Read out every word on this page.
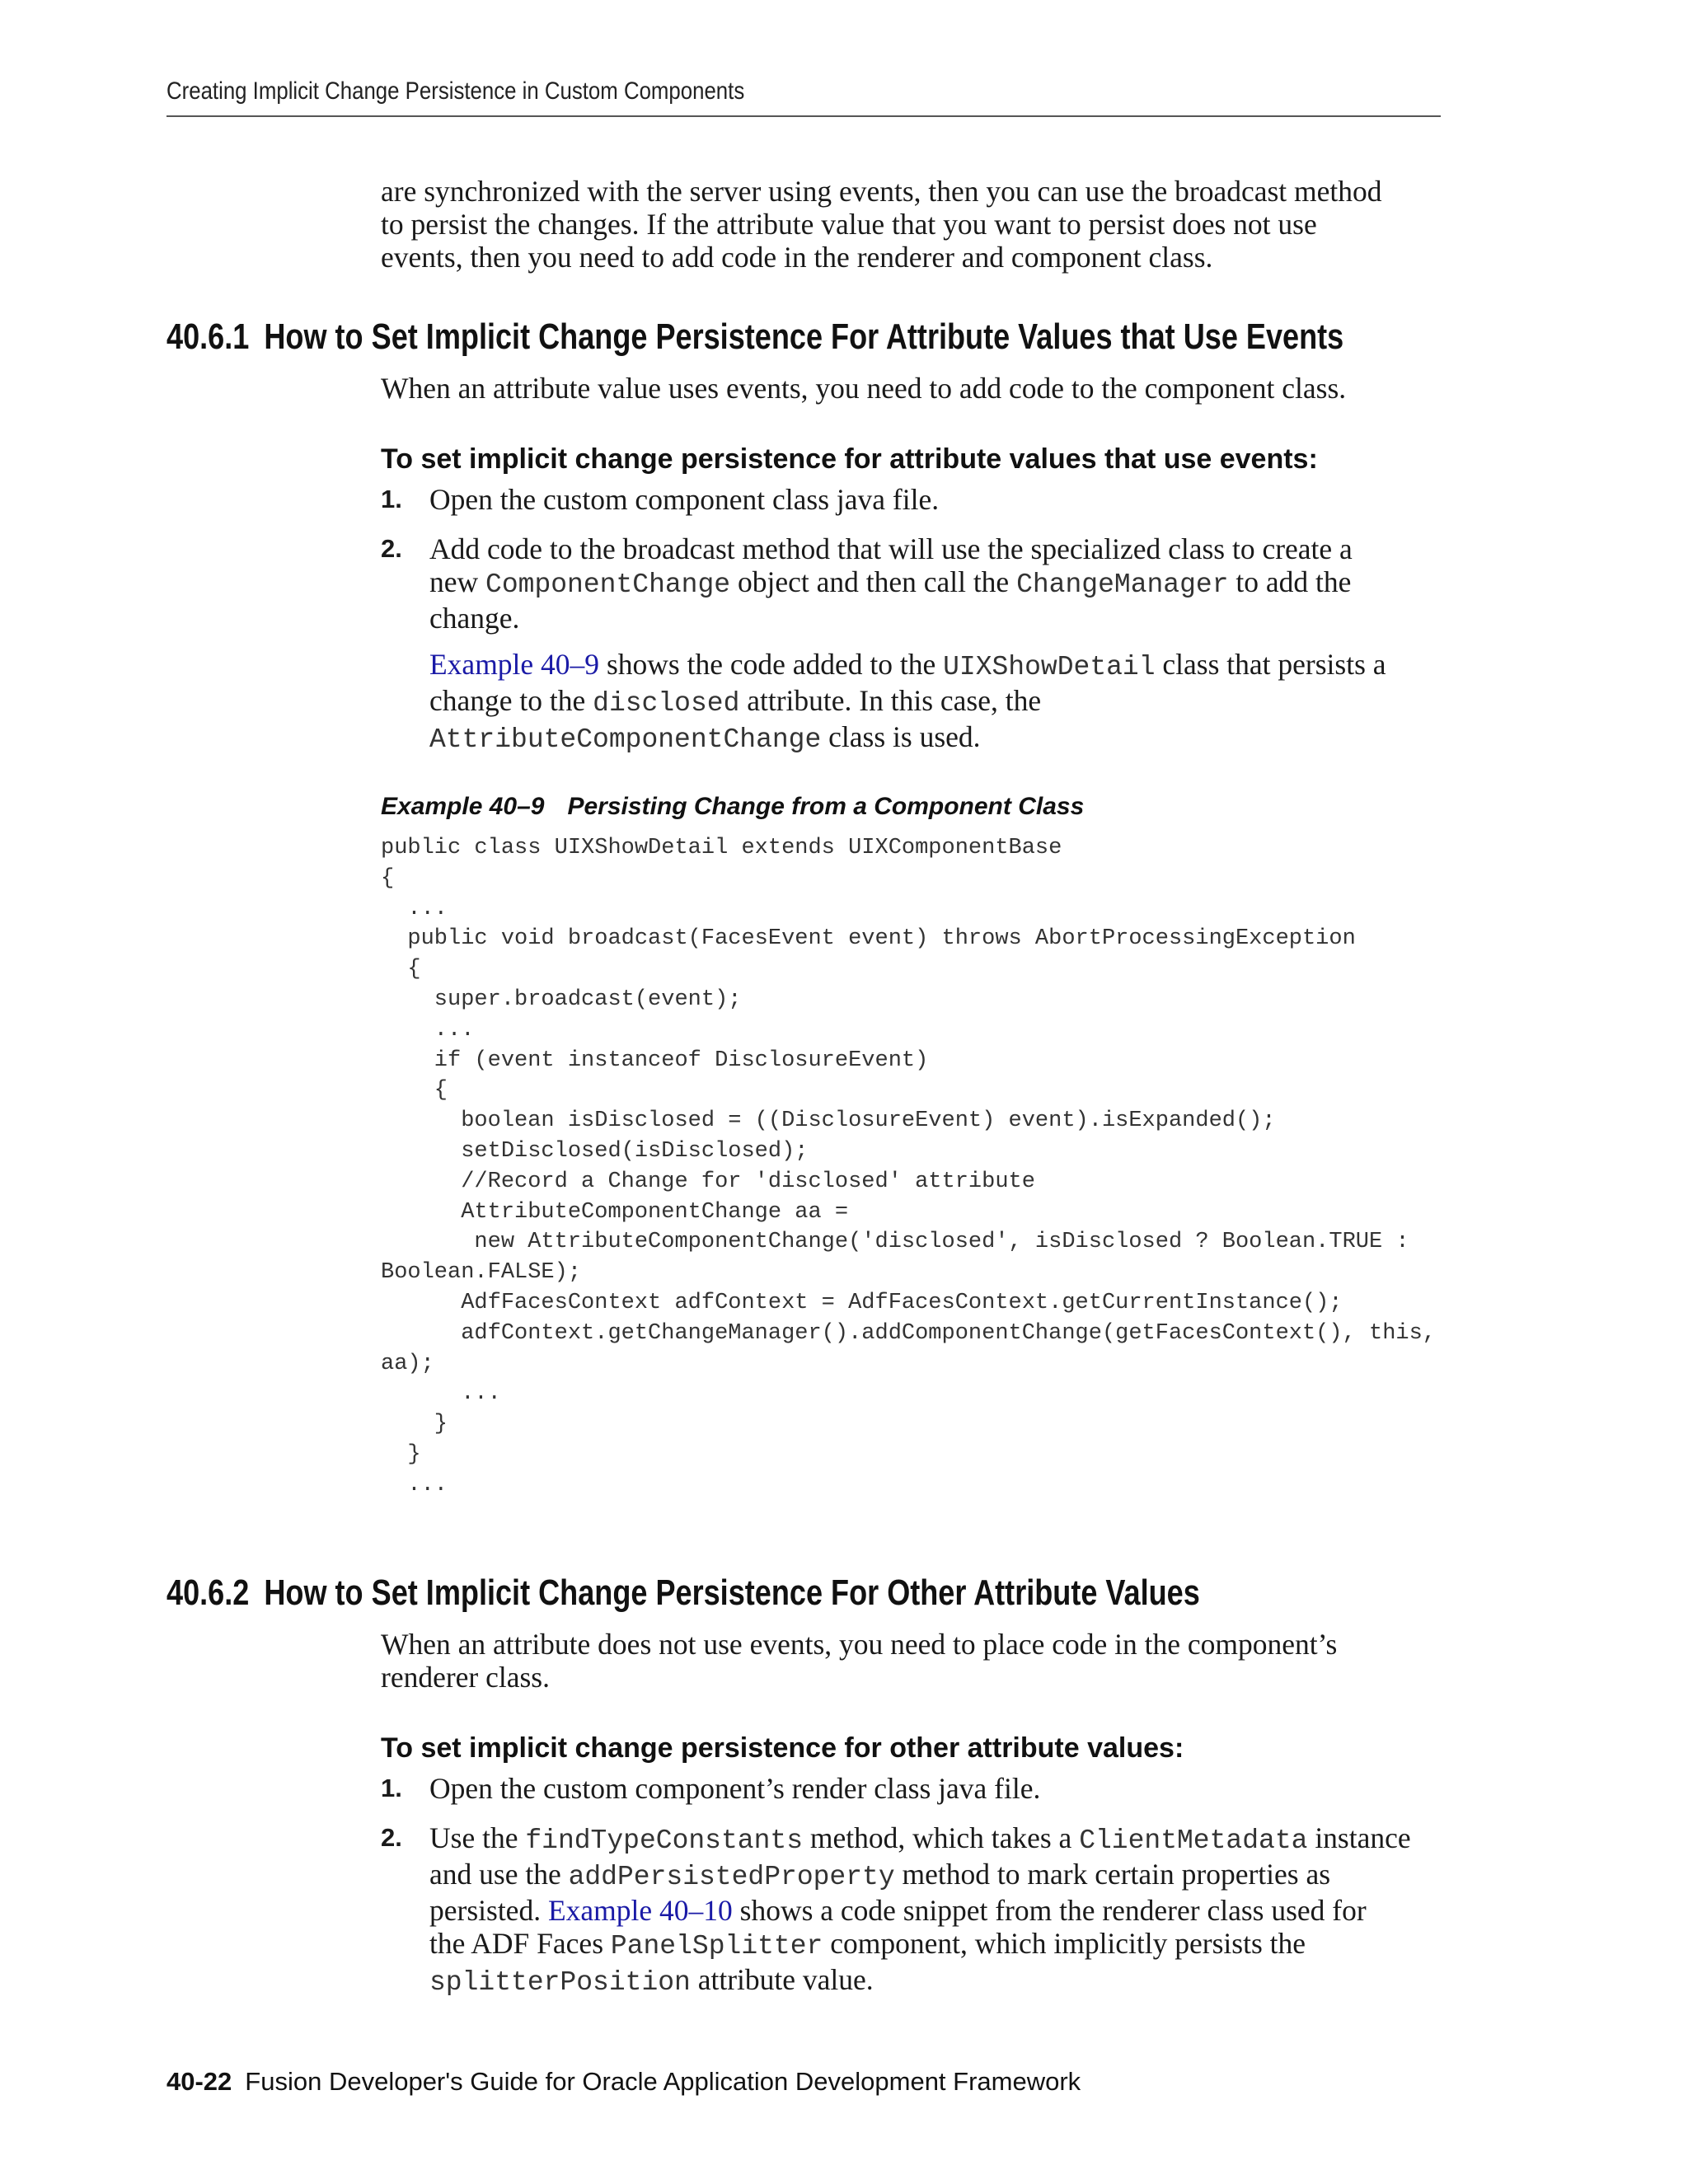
Creating Implicit Change Persistence in Custom Components
are synchronized with the server using events, then you can use the broadcast method
to persist the changes. If the attribute value that you want to persist does not use
events, then you need to add code in the renderer and component class.
40.6.1 How to Set Implicit Change Persistence For Attribute Values that Use Events
When an attribute value uses events, you need to add code to the component class.
To set implicit change persistence for attribute values that use events:
1. Open the custom component class java file.
2. Add code to the broadcast method that will use the specialized class to create a
new ComponentChange object and then call the ChangeManager to add the
change.
Example 40–9 shows the code added to the UIXShowDetail class that persists a
change to the disclosed attribute. In this case, the
AttributeComponentChange class is used.
Example 40–9 Persisting Change from a Component Class
public class UIXShowDetail extends UIXComponentBase
{
...
public void broadcast(FacesEvent event) throws AbortProcessingException
{
super.broadcast(event);
...
if (event instanceof DisclosureEvent)
{
boolean isDisclosed = ((DisclosureEvent) event).isExpanded();
setDisclosed(isDisclosed);
//Record a Change for 'disclosed' attribute
AttributeComponentChange aa =
new AttributeComponentChange('disclosed', isDisclosed ? Boolean.TRUE :
Boolean.FALSE);
AdfFacesContext adfContext = AdfFacesContext.getCurrentInstance();
adfContext.getChangeManager().addComponentChange(getFacesContext(), this,
aa);
...
}
}
...
40.6.2 How to Set Implicit Change Persistence For Other Attribute Values
When an attribute does not use events, you need to place code in the component’s
renderer class.
To set implicit change persistence for other attribute values:
1. Open the custom component’s render class java file.
2. Use the findTypeConstants method, which takes a ClientMetadata instance
and use the addPersistedProperty method to mark certain properties as
persisted. Example 40–10 shows a code snippet from the renderer class used for
the ADF Faces PanelSplitter component, which implicitly persists the
splitterPosition attribute value.
40-22 Fusion Developer's Guide for Oracle Application Development Framework
